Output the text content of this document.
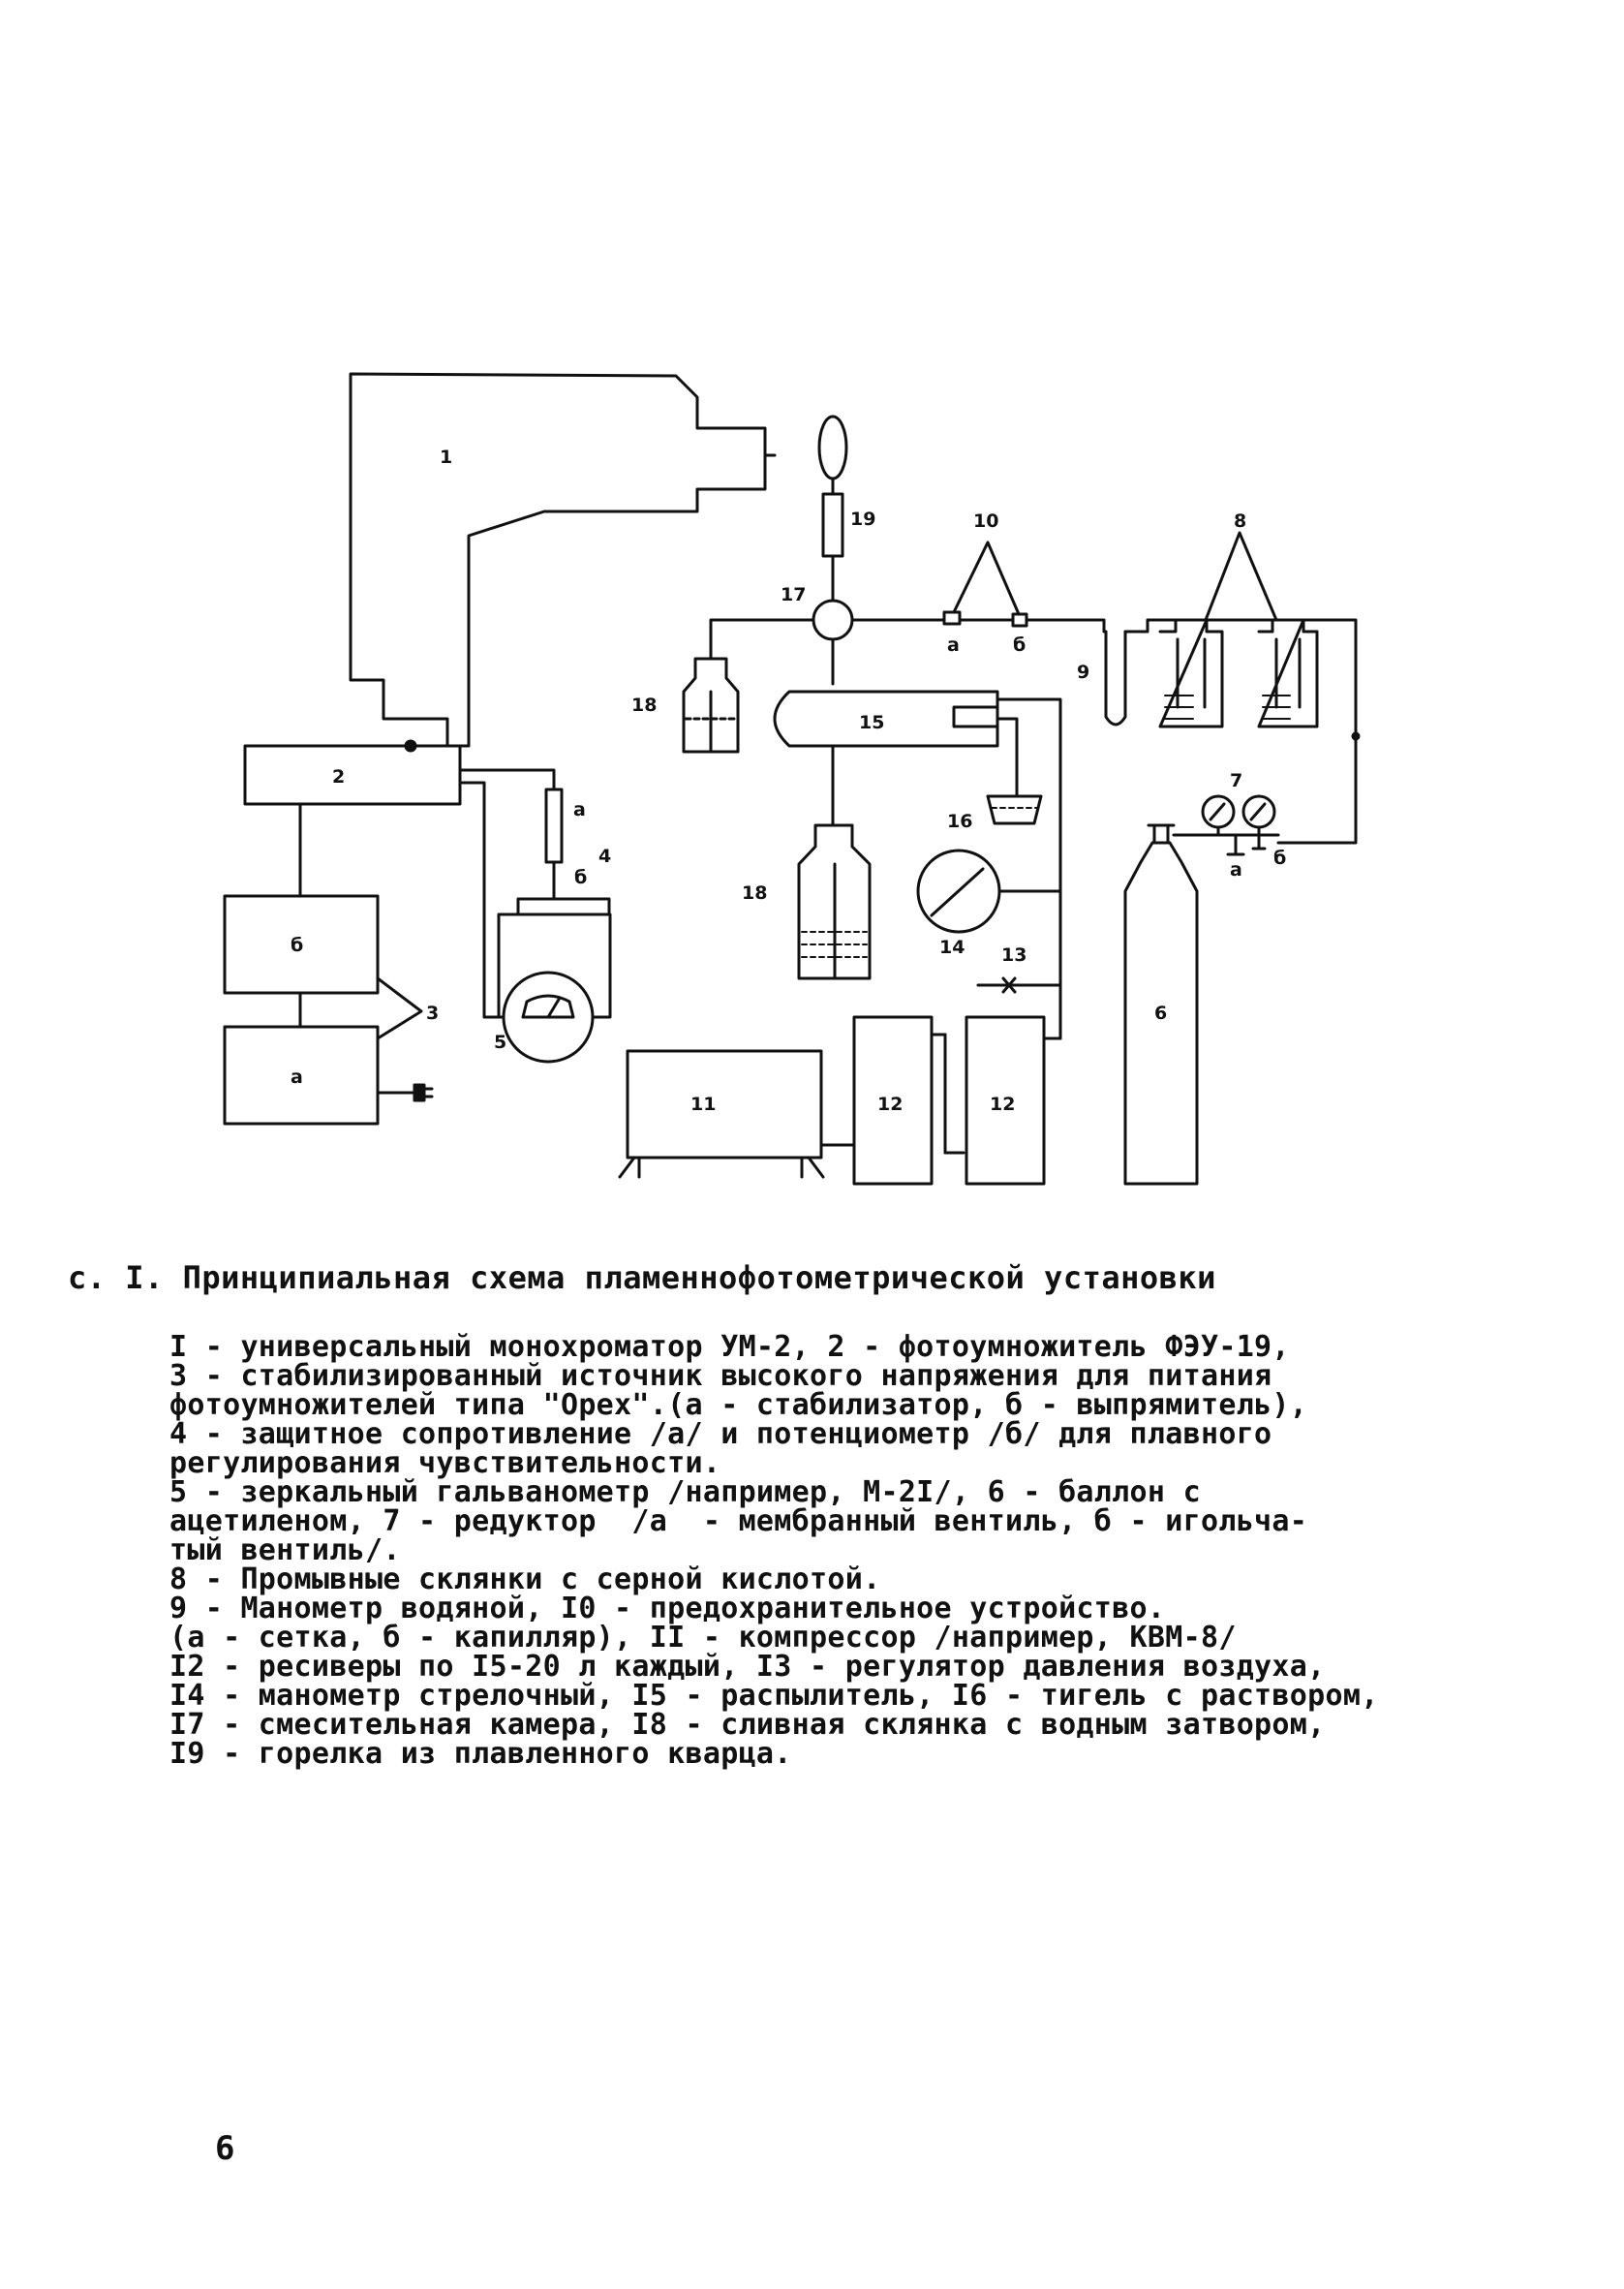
1
2
б
а
3
а
4
б
5
19	10	8
17
а	б
9
18
15
16
7
б
а
18
14 13
6
11	12	12
с. I. Принципиальная схема пламеннофотометрической установки
I - универсальный монохроматор УМ-2, 2 - фотоумножитель ФЭУ-19,
3 - стабилизированный источник высокого напряжения для питания
фотоумножителей типа "Орех".(а - стабилизатор, б - выпрямитель),
4 - защитное сопротивление /а/ и потенциометр /б/ для плавного
регулирования чувствительности.
5 - зеркальный гальванометр /например, М-2I/, 6 - баллон с
ацетиленом, 7 - редуктор  /а  - мембранный вентиль, б - игольча-
тый вентиль/.
8 - Промывные склянки с серной кислотой.
9 - Манометр водяной, I0 - предохранительное устройство.
(а - сетка, б - капилляр), II - компрессор /например, КВМ-8/
I2 - ресиверы по I5-20 л каждый, I3 - регулятор давления воздуха,
I4 - манометр стрелочный, I5 - распылитель, I6 - тигель с раствором,
I7 - смесительная камера, I8 - сливная склянка с водным затвором,
I9 - горелка из плавленного кварца.
6
